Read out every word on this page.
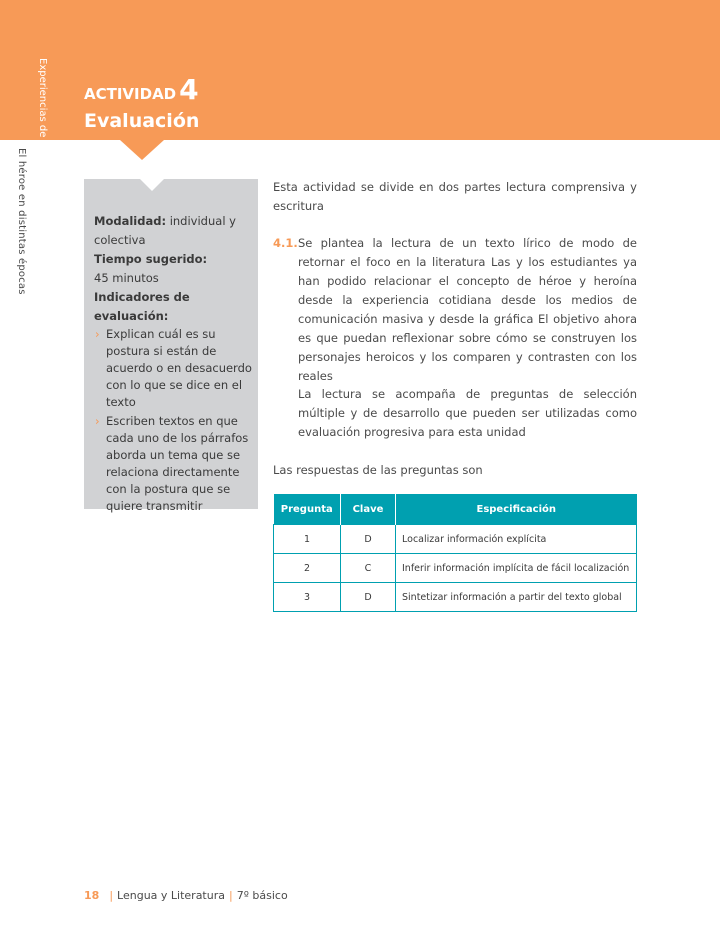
Experiencias de aprendizaje
El héroe en distintas épocas
ACTIVIDAD 4
Evaluación
Modalidad: individual y colectiva
Tiempo sugerido:
45 minutos
Indicadores de evaluación:
› Explican cuál es su postura si están de acuerdo o en desacuerdo con lo que se dice en el texto
› Escriben textos en que cada uno de los párrafos aborda un tema que se relaciona directamente con la postura que se quiere transmitir
Esta actividad se divide en dos partes lectura comprensiva y escritura
4.1. Se plantea la lectura de un texto lírico de modo de retornar el foco en la literatura Las y los estudiantes ya han podido relacionar el concepto de héroe y heroína desde la experiencia cotidiana desde los medios de comunicación masiva y desde la gráfica El objetivo ahora es que puedan reflexionar sobre cómo se construyen los personajes heroicos y los comparen y contrasten con los reales
La lectura se acompaña de preguntas de selección múltiple y de desarrollo que pueden ser utilizadas como evaluación progresiva para esta unidad
Las respuestas de las preguntas son
Pregunta	Clave	Especificación
1	D	Localizar información explícita
2	C	Inferir información implícita de fácil localización
3	D	Sintetizar información a partir del texto global
18 | Lengua y Literatura | 7º básico
